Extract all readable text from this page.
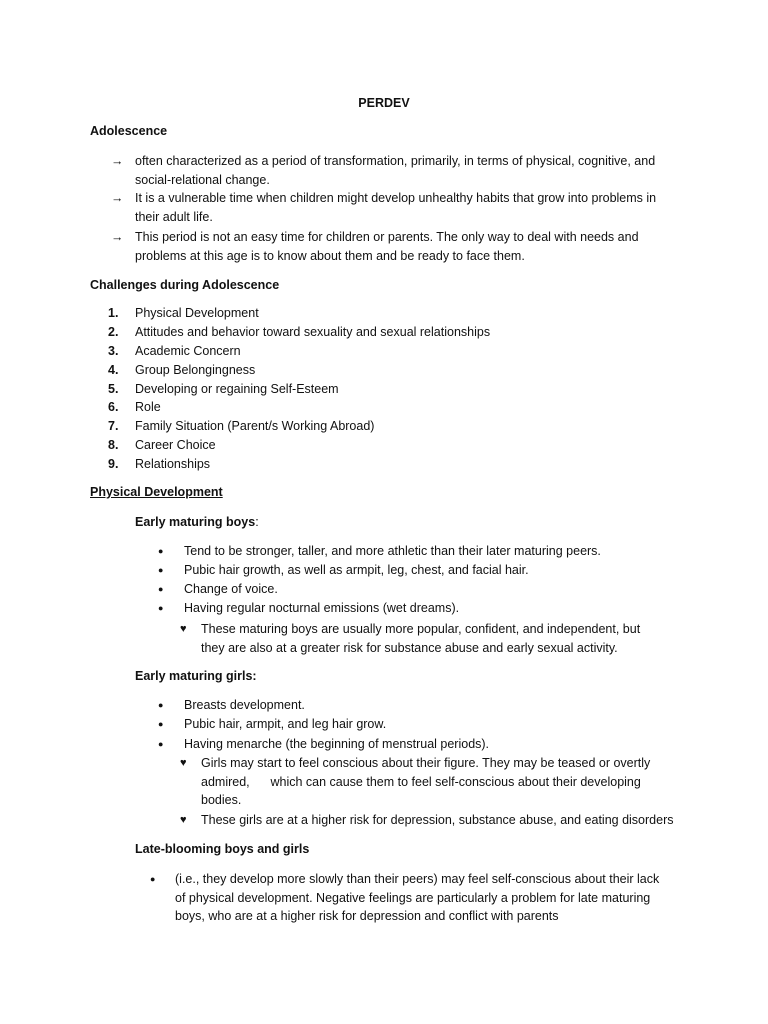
PERDEV
Adolescence
→ often characterized as a period of transformation, primarily, in terms of physical, cognitive, and
social-relational change.
→ It is a vulnerable time when children might develop unhealthy habits that grow into problems in
their adult life.
→ This period is not an easy time for children or parents. The only way to deal with needs and
problems at this age is to know about them and be ready to face them.
Challenges during Adolescence
1. Physical Development
2. Attitudes and behavior toward sexuality and sexual relationships
3. Academic Concern
4. Group Belongingness
5. Developing or regaining Self-Esteem
6. Role
7. Family Situation (Parent/s Working Abroad)
8. Career Choice
9. Relationships
Physical Development
Early maturing boys:
● Tend to be stronger, taller, and more athletic than their later maturing peers.
● Pubic hair growth, as well as armpit, leg, chest, and facial hair.
● Change of voice.
● Having regular nocturnal emissions (wet dreams).
♥ These maturing boys are usually more popular, confident, and independent, but
they are also at a greater risk for substance abuse and early sexual activity.
Early maturing girls:
● Breasts development.
● Pubic hair, armpit, and leg hair grow.
● Having menarche (the beginning of menstrual periods).
♥ Girls may start to feel conscious about their figure. They may be teased or overtly
admired,      which can cause them to feel self-conscious about their developing
bodies.
♥ These girls are at a higher risk for depression, substance abuse, and eating disorders
Late-blooming boys and girls
● (i.e., they develop more slowly than their peers) may feel self-conscious about their lack
of physical development. Negative feelings are particularly a problem for late maturing
boys, who are at a higher risk for depression and conflict with parents
